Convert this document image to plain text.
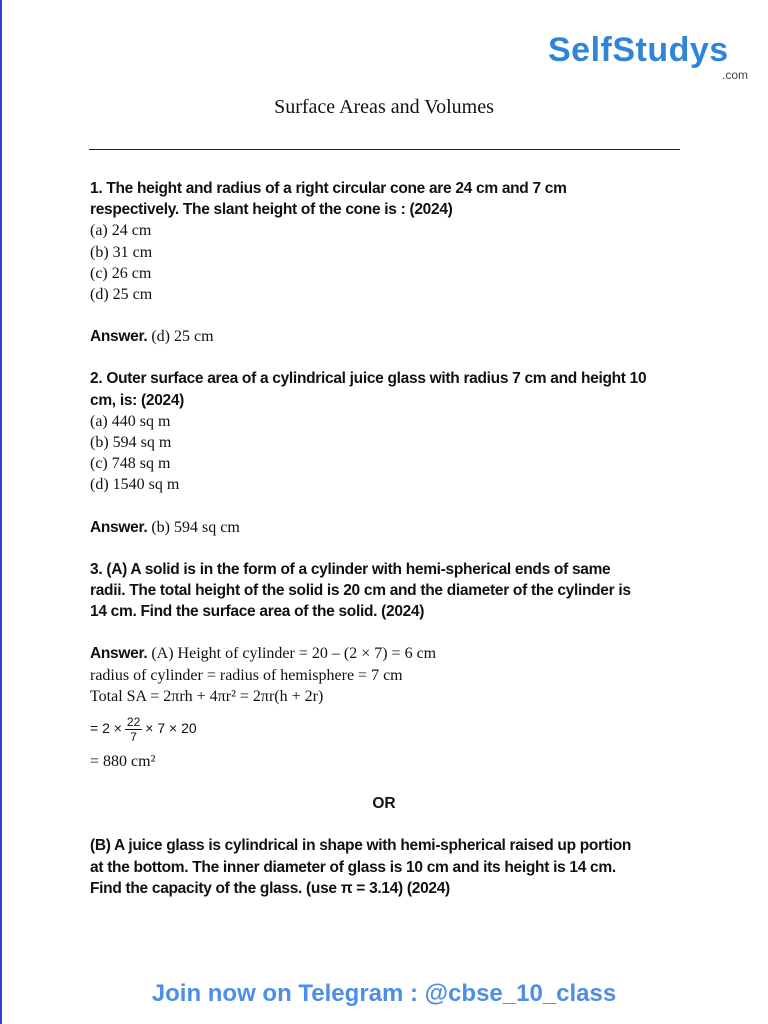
SelfStudys
.com
Surface Areas and Volumes
1. The height and radius of a right circular cone are 24 cm and 7 cm
respectively. The slant height of the cone is : (2024)
(a) 24 cm
(b) 31 cm
(c) 26 cm
(d) 25 cm
Answer. (d) 25 cm
2. Outer surface area of a cylindrical juice glass with radius 7 cm and height 10
cm, is: (2024)
(a) 440 sq m
(b) 594 sq m
(c) 748 sq m
(d) 1540 sq m
Answer. (b) 594 sq cm
3. (A) A solid is in the form of a cylinder with hemi-spherical ends of same
radii. The total height of the solid is 20 cm and the diameter of the cylinder is
14 cm. Find the surface area of the solid. (2024)
Answer. (A) Height of cylinder = 20 – (2 × 7) = 6 cm
radius of cylinder = radius of hemisphere = 7 cm
Total SA = 2πrh + 4πr² = 2πr(h + 2r)
= $2 \times \frac{22}{7} \times 7 \times 20$
= 880 cm²
OR
(B) A juice glass is cylindrical in shape with hemi-spherical raised up portion
at the bottom. The inner diameter of glass is 10 cm and its height is 14 cm.
Find the capacity of the glass. (use π = 3.14) (2024)
Join now on Telegram : @cbse_10_class
